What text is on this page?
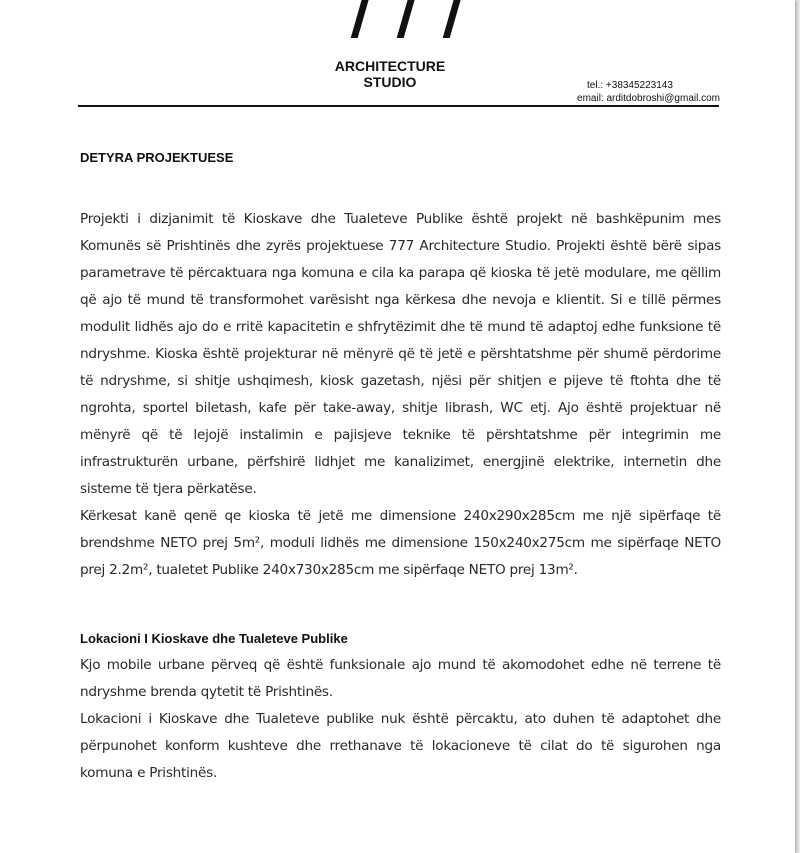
ARCHITECTURE
STUDIO	tel.: +38345223143
email: arditdobroshi@gmail.com
DETYRA PROJEKTUESE

Projekti i dizjanimit të Kioskave dhe Tualeteve Publike është projekt në bashkëpunim mes Komunës së Prishtinës dhe zyrës projektuese 777 Architecture Studio. Projekti është bërë sipas parametrave të përcaktuara nga komuna e cila ka parapa që kioska të jetë modulare, me qëllim që ajo të mund të transformohet varësisht nga kërkesa dhe nevoja e klientit. Si e tillë përmes modulit lidhës ajo do e rritë kapacitetin e shfrytëzimit dhe të mund të adaptoj edhe funksione të ndryshme. Kioska është projekturar në mënyrë që të jetë e përshtatshme për shumë përdorime të ndryshme, si shitje ushqimesh, kiosk gazetash, njësi për shitjen e pijeve të ftohta dhe të ngrohta, sportel biletash, kafe për take-away, shitje librash, WC etj. Ajo është projektuar në mënyrë që të lejojë instalimin e pajisjeve teknike të përshtatshme për integrimin me infrastrukturën urbane, përfshirë lidhjet me kanalizimet, energjinë elektrike, internetin dhe sisteme të tjera përkatëse.

Kërkesat kanë qenë qe kioska të jetë me dimensione 240x290x285cm me një sipërfaqe të brendshme NETO prej 5m², moduli lidhës me dimensione 150x240x275cm me sipërfaqe NETO prej 2.2m², tualetet Publike 240x730x285cm me sipërfaqe NETO prej 13m².

Lokacioni I Kioskave dhe Tualeteve Publike

Kjo mobile urbane përveq që është funksionale ajo mund të akomodohet edhe në terrene të ndryshme brenda qytetit të Prishtinës.

Lokacioni i Kioskave dhe Tualeteve publike nuk është përcaktu, ato duhen të adaptohet dhe përpunohet konform kushteve dhe rrethanave të lokacioneve të cilat do të sigurohen nga komuna e Prishtinës.
